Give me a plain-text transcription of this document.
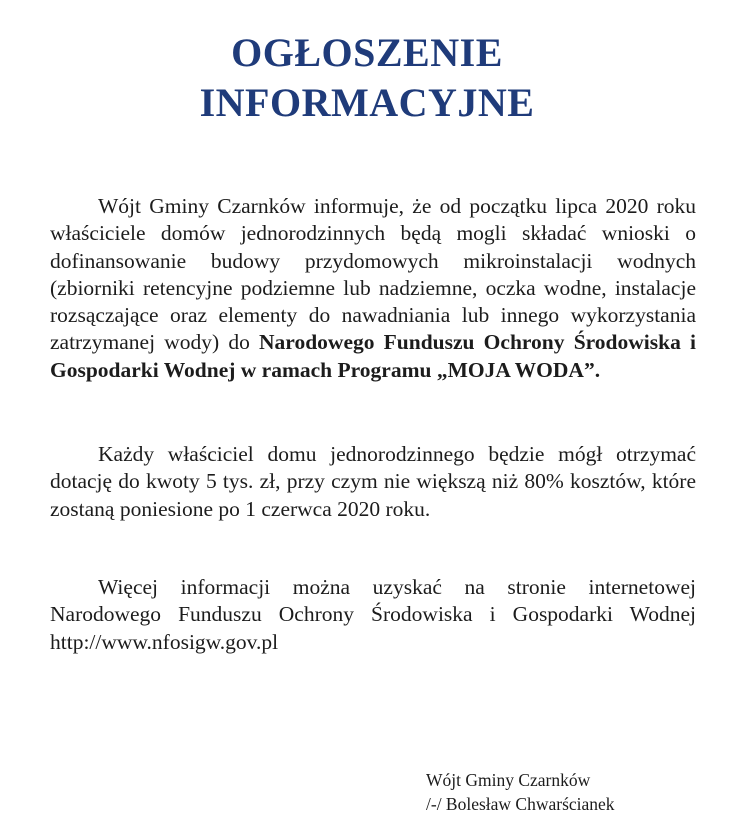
OGŁOSZENIE
INFORMACYJNE
Wójt Gminy Czarnków informuje, że od początku lipca 2020 roku właściciele domów jednorodzinnych będą mogli składać wnioski o dofinansowanie budowy przydomowych mikroinstalacji wodnych (zbiorniki retencyjne podziemne lub nadziemne, oczka wodne, instalacje rozsączające oraz elementy do nawadniania lub innego wykorzystania zatrzymanej wody) do Narodowego Funduszu Ochrony Środowiska i Gospodarki Wodnej w ramach Programu „MOJA WODA”.
Każdy właściciel domu jednorodzinnego będzie mógł otrzymać dotację do kwoty 5 tys. zł, przy czym nie większą niż 80% kosztów, które zostaną poniesione po 1 czerwca 2020 roku.
Więcej informacji można uzyskać na stronie internetowej Narodowego Funduszu Ochrony Środowiska i Gospodarki Wodnej http://www.nfosigw.gov.pl
Wójt Gminy Czarnków
/-/ Bolesław Chwarścianek
